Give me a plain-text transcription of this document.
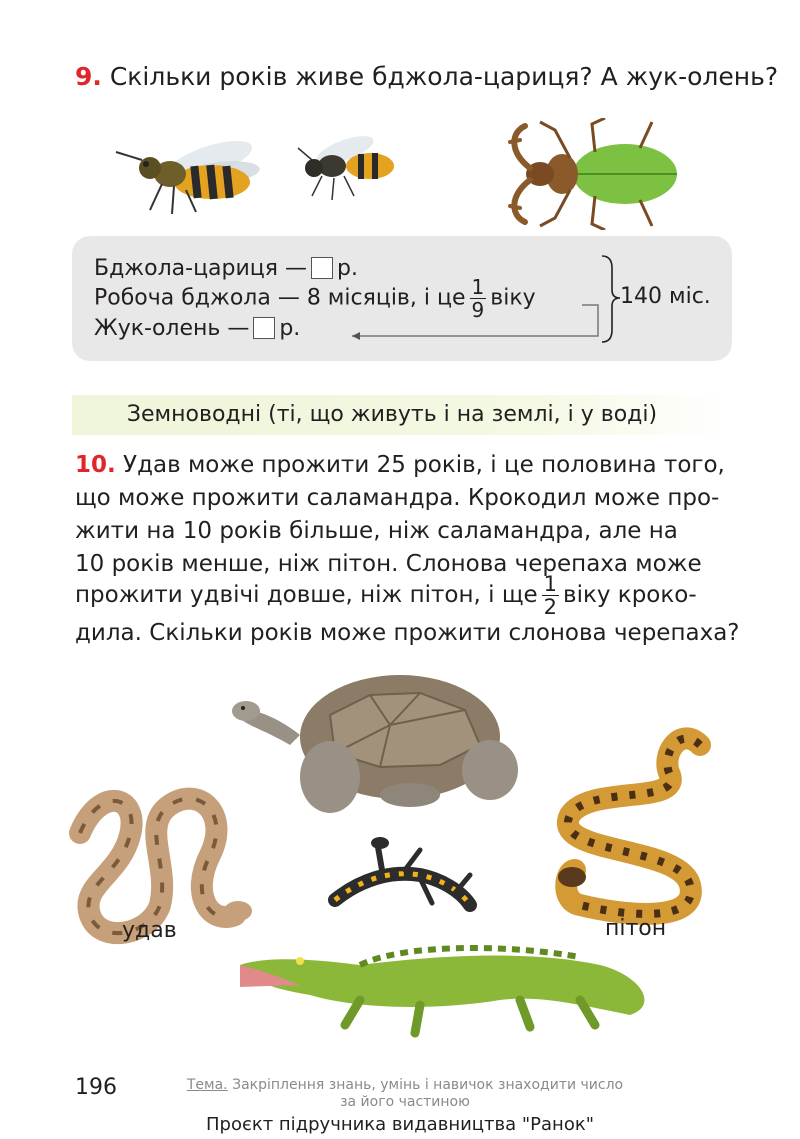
9. Скільки років живе бджола-цариця? А жук-олень?
Бджола-цариця — р.
Робоча бджола — 8 місяців, і це $\frac{1}{9}$ віку
Жук-олень — р.
140 міс.
Земноводні (ті, що живуть і на землі, і у воді)
10. Удав може прожити 25 років, і це половина того,
що може прожити саламандра. Крокодил може про-
жити на 10 років більше, ніж саламандра, але на
10 років менше, ніж пітон. Слонова черепаха може
прожити удвічі довше, ніж пітон, і ще $\frac{1}{2}$ віку кроко-
дила. Скільки років може прожити слонова черепаха?
удав	пітон
196	Тема. Закріплення знань, умінь і навичок знаходити число
за його частиною
Проєкт підручника видавництва "Ранок"
